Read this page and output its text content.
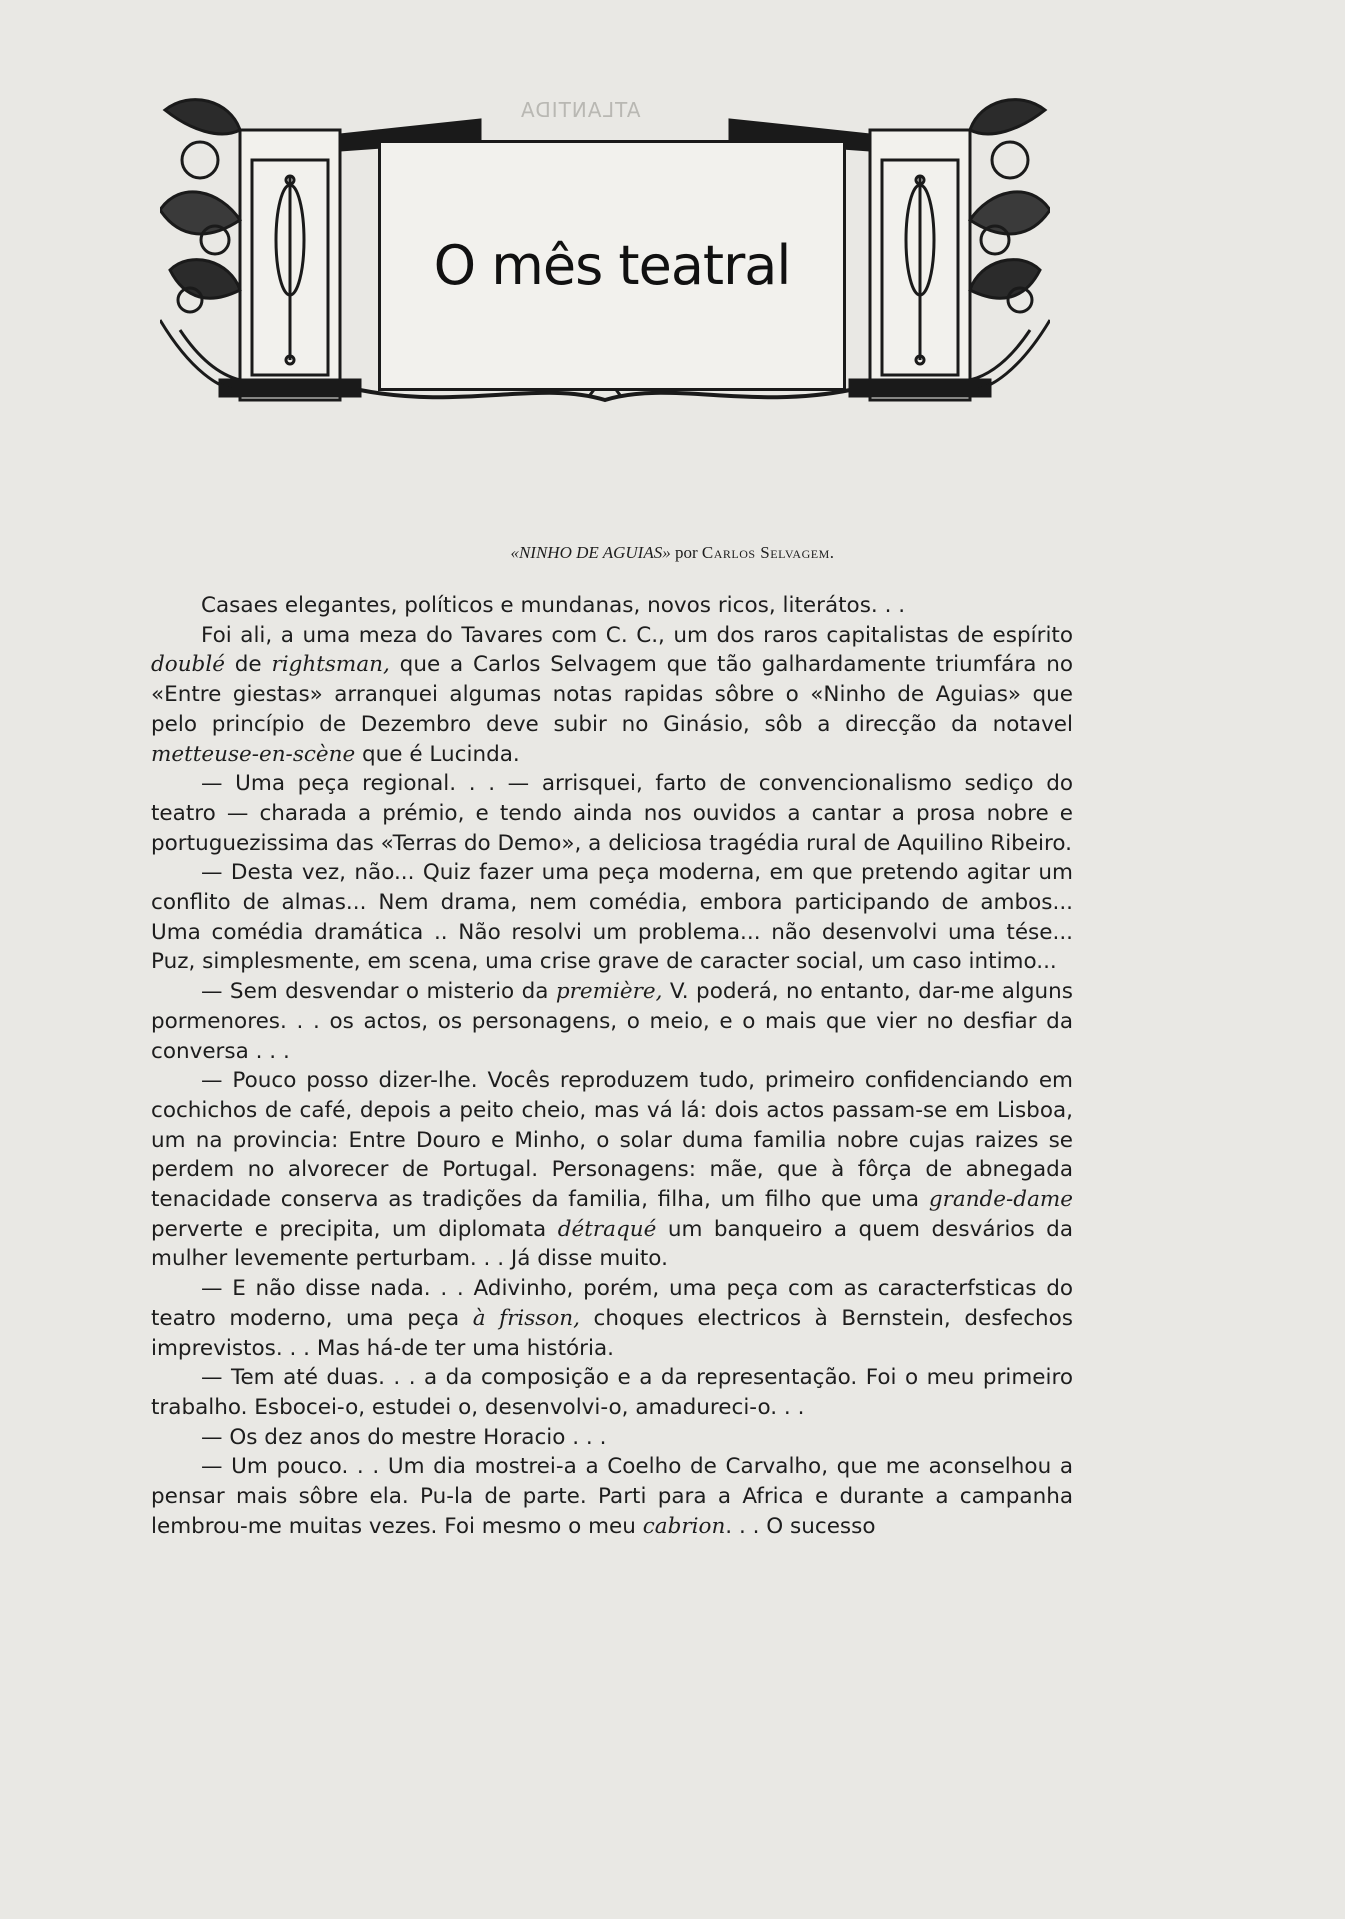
ATLANTIDA
O mês teatral
«NINHO DE AGUIAS» por Carlos Selvagem.

Casaes elegantes, políticos e mundanas, novos ricos, literátos. . .

Foi ali, a uma meza do Tavares com C. C., um dos raros capitalistas de espírito doublé de rightsman, que a Carlos Selvagem que tão galhardamente triumfára no «Entre giestas» arranquei algumas notas rapidas sôbre o «Ninho de Aguias» que pelo princípio de Dezembro deve subir no Ginásio, sôb a direcção da notavel metteuse-en-scène que é Lucinda.

— Uma peça regional. . . — arrisquei, farto de convencionalismo sediço do teatro — charada a prémio, e tendo ainda nos ouvidos a cantar a prosa nobre e portuguezissima das «Terras do Demo», a deliciosa tragédia rural de Aquilino Ribeiro.

— Desta vez, não... Quiz fazer uma peça moderna, em que pretendo agitar um conflito de almas... Nem drama, nem comédia, embora participando de ambos... Uma comédia dramática .. Não resolvi um problema... não desenvolvi uma tése... Puz, simplesmente, em scena, uma crise grave de caracter social, um caso intimo...

— Sem desvendar o misterio da première, V. poderá, no entanto, dar-me alguns pormenores. . . os actos, os personagens, o meio, e o mais que vier no desfiar da conversa . . .

— Pouco posso dizer-lhe. Vocês reproduzem tudo, primeiro confidenciando em cochichos de café, depois a peito cheio, mas vá lá: dois actos passam-se em Lisboa, um na provincia: Entre Douro e Minho, o solar duma familia nobre cujas raizes se perdem no alvorecer de Portugal. Personagens: mãe, que à fôrça de abnegada tenacidade conserva as tradições da familia, filha, um filho que uma grande-dame perverte e precipita, um diplomata détraqué um banqueiro a quem desvários da mulher levemente perturbam. . . Já disse muito.

— E não disse nada. . . Adivinho, porém, uma peça com as caracterfsticas do teatro moderno, uma peça à frisson, choques electricos à Bernstein, desfechos imprevistos. . . Mas há-de ter uma história.

— Tem até duas. . . a da composição e a da representação. Foi o meu primeiro trabalho. Esbocei-o, estudei o, desenvolvi-o, amadureci-o. . .

— Os dez anos do mestre Horacio . . .

— Um pouco. . . Um dia mostrei-a a Coelho de Carvalho, que me aconselhou a pensar mais sôbre ela. Pu-la de parte. Parti para a Africa e durante a campanha lembrou-me muitas vezes. Foi mesmo o meu cabrion. . . O sucesso
